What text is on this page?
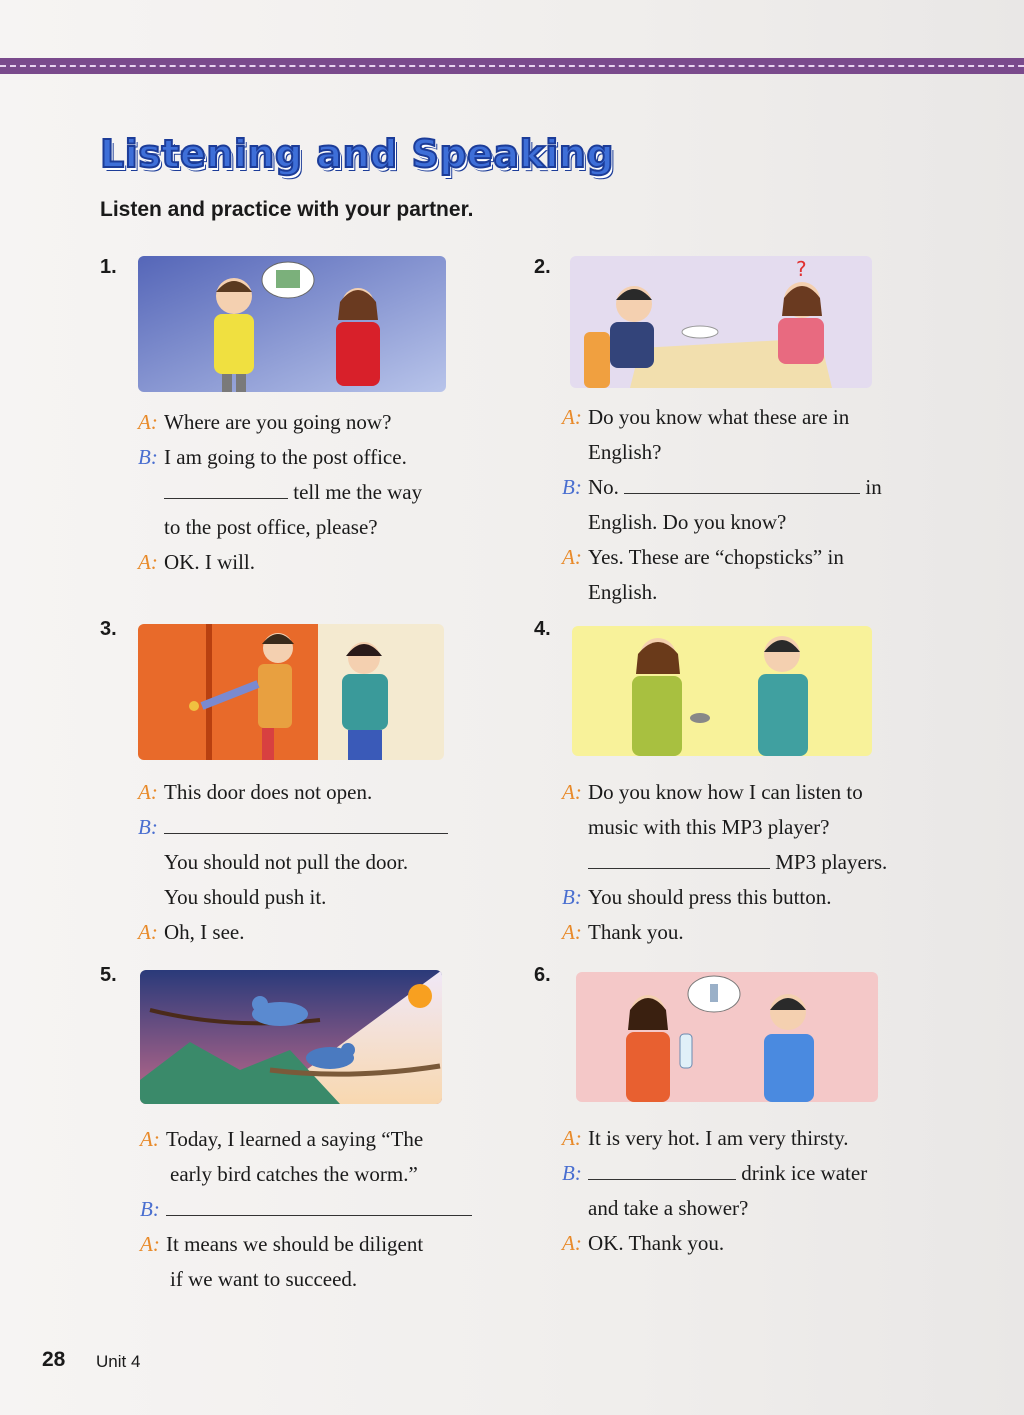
Listening and Speaking
Listen and practice with your partner.
1.	2.
3.	4.
5.	6.
?
A: Where are you going now?
B: I am going to the post office.
tell me the way
to the post office, please?
A: OK. I will.
A: Do you know what these are in
English?
B: No.	in
English. Do you know?
A: Yes. These are “chopsticks” in
English.
A: This door does not open.
B:
You should not pull the door.
You should push it.
A: Oh, I see.
A: Do you know how I can listen to
music with this MP3 player?
MP3 players.
B: You should press this button.
A: Thank you.
A: Today, I learned a saying “The
early bird catches the worm.”
B:
A: It means we should be diligent
if we want to succeed.
A: It is very hot. I am very thirsty.
B:	drink ice water
and take a shower?
A: OK. Thank you.
28 Unit 4
